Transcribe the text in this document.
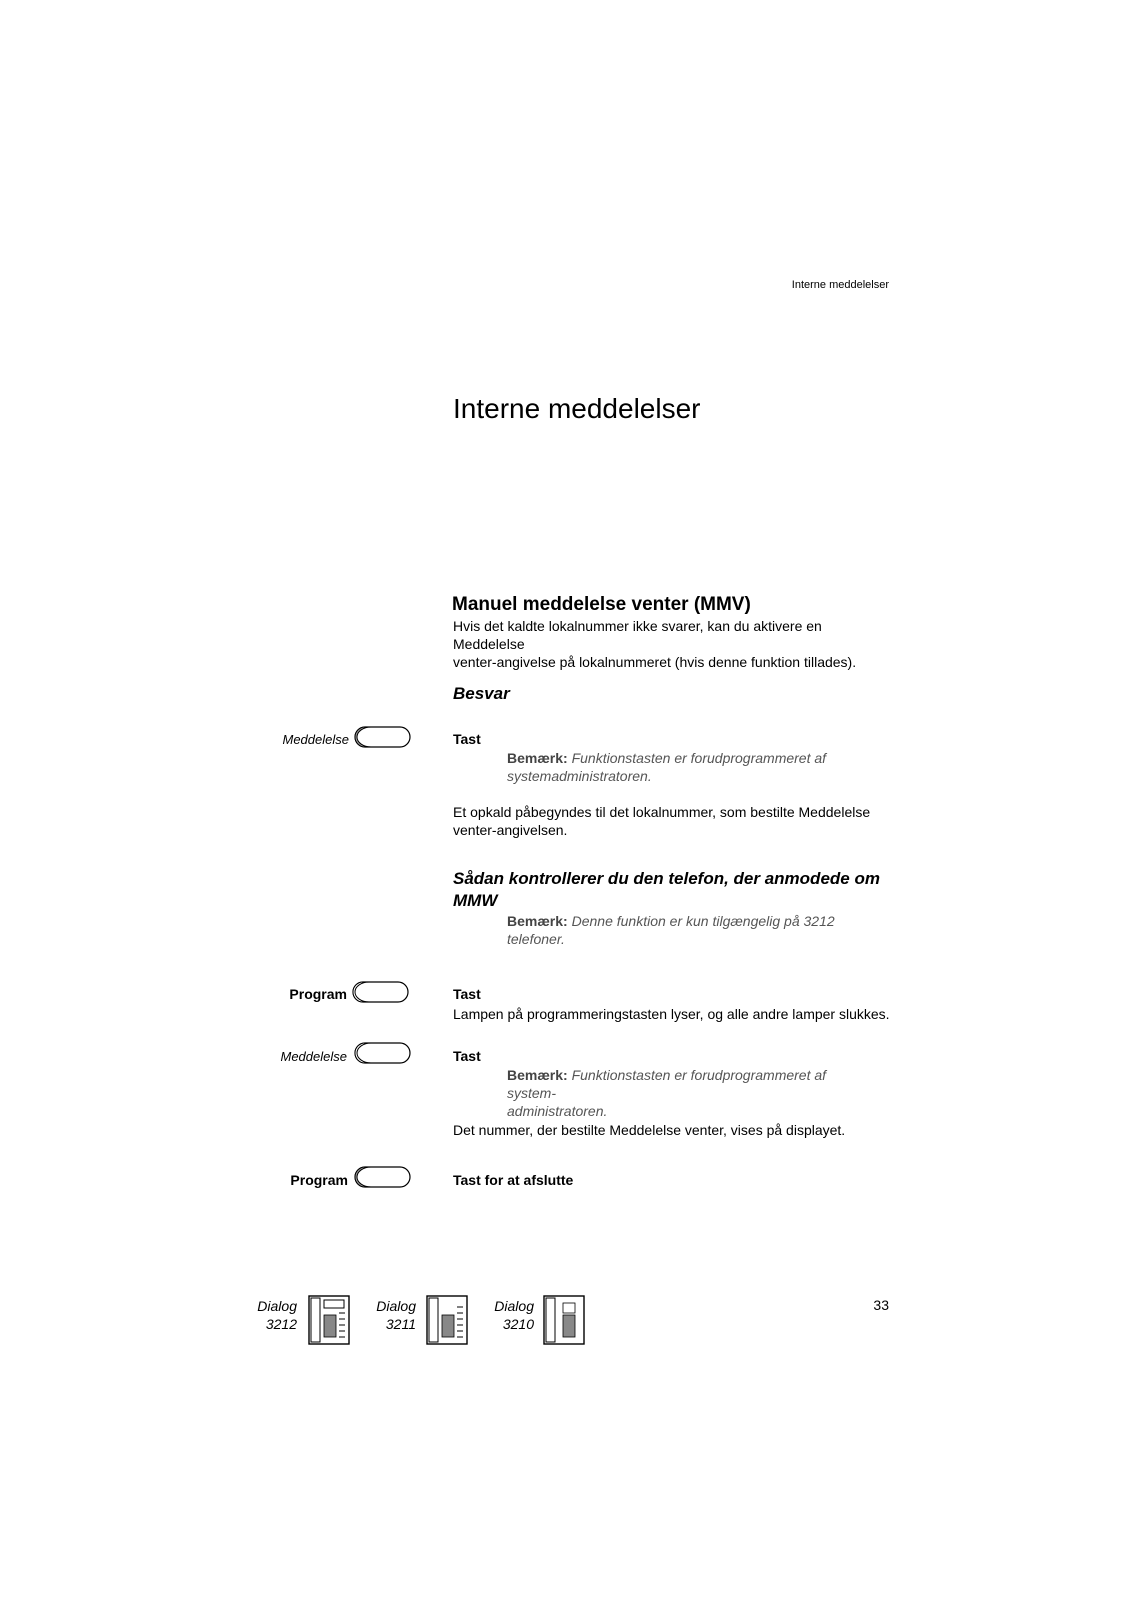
Interne meddelelser
Interne meddelelser
Manuel meddelelse venter (MMV)
Hvis det kaldte lokalnummer ikke svarer, kan du aktivere en Meddelelse
venter-angivelse på lokalnummeret (hvis denne funktion tillades).
Besvar
Meddelelse	Tast
Bemærk: Funktionstasten er forudprogrammeret af
systemadministratoren.
Et opkald påbegyndes til det lokalnummer, som bestilte Meddelelse
venter-angivelsen.
Sådan kontrollerer du den telefon, der anmodede om
MMW
Bemærk: Denne funktion er kun tilgængelig på 3212
telefoner.
Program	Tast
Lampen på programmeringstasten lyser, og alle andre lamper slukkes.
Meddelelse	Tast
Bemærk: Funktionstasten er forudprogrammeret af system-
administratoren.
Det nummer, der bestilte Meddelelse venter, vises på displayet.
Program	Tast for at afslutte
Dialog
3212
Dialog
3211
Dialog
3210
33
